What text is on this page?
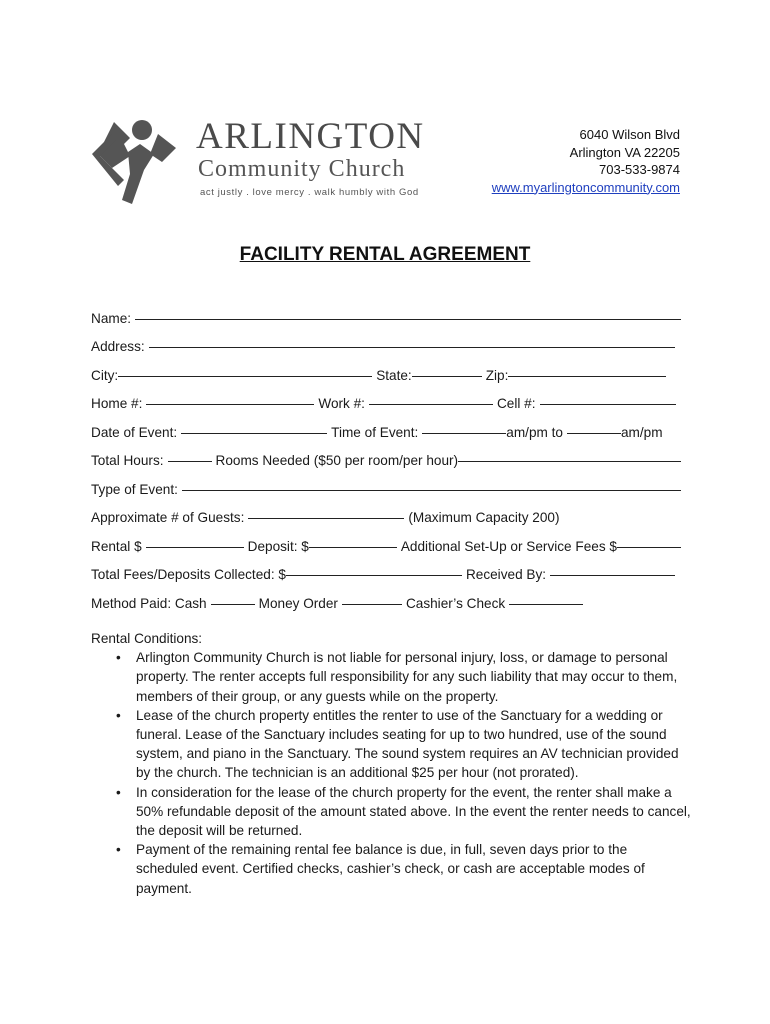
ARLINGTON
Community Church
act justly . love mercy . walk humbly with God
6040 Wilson Blvd
Arlington VA 22205
703-533-9874
www.myarlingtoncommunity.com
FACILITY RENTAL AGREEMENT
Name:
Address:
City:	State:	Zip:
Home #:	Work #:	Cell #:
Date of Event:	Time of Event:	am/pm to	am/pm
Total Hours:	Rooms Needed ($50 per room/per hour)
Type of Event:
Approximate # of Guests:	(Maximum Capacity 200)
Rental $	Deposit: $	Additional Set-Up or Service Fees $
Total Fees/Deposits Collected: $	Received By:
Method Paid: Cash	Money Order	Cashier’s Check
Rental Conditions:
• Arlington Community Church is not liable for personal injury, loss, or damage to personal property. The renter accepts full responsibility for any such liability that may occur to them, members of their group, or any guests while on the property.
• Lease of the church property entitles the renter to use of the Sanctuary for a wedding or funeral. Lease of the Sanctuary includes seating for up to two hundred, use of the sound system, and piano in the Sanctuary. The sound system requires an AV technician provided by the church. The technician is an additional $25 per hour (not prorated).
• In consideration for the lease of the church property for the event, the renter shall make a 50% refundable deposit of the amount stated above. In the event the renter needs to cancel, the deposit will be returned.
• Payment of the remaining rental fee balance is due, in full, seven days prior to the scheduled event. Certified checks, cashier’s check, or cash are acceptable modes of payment.
